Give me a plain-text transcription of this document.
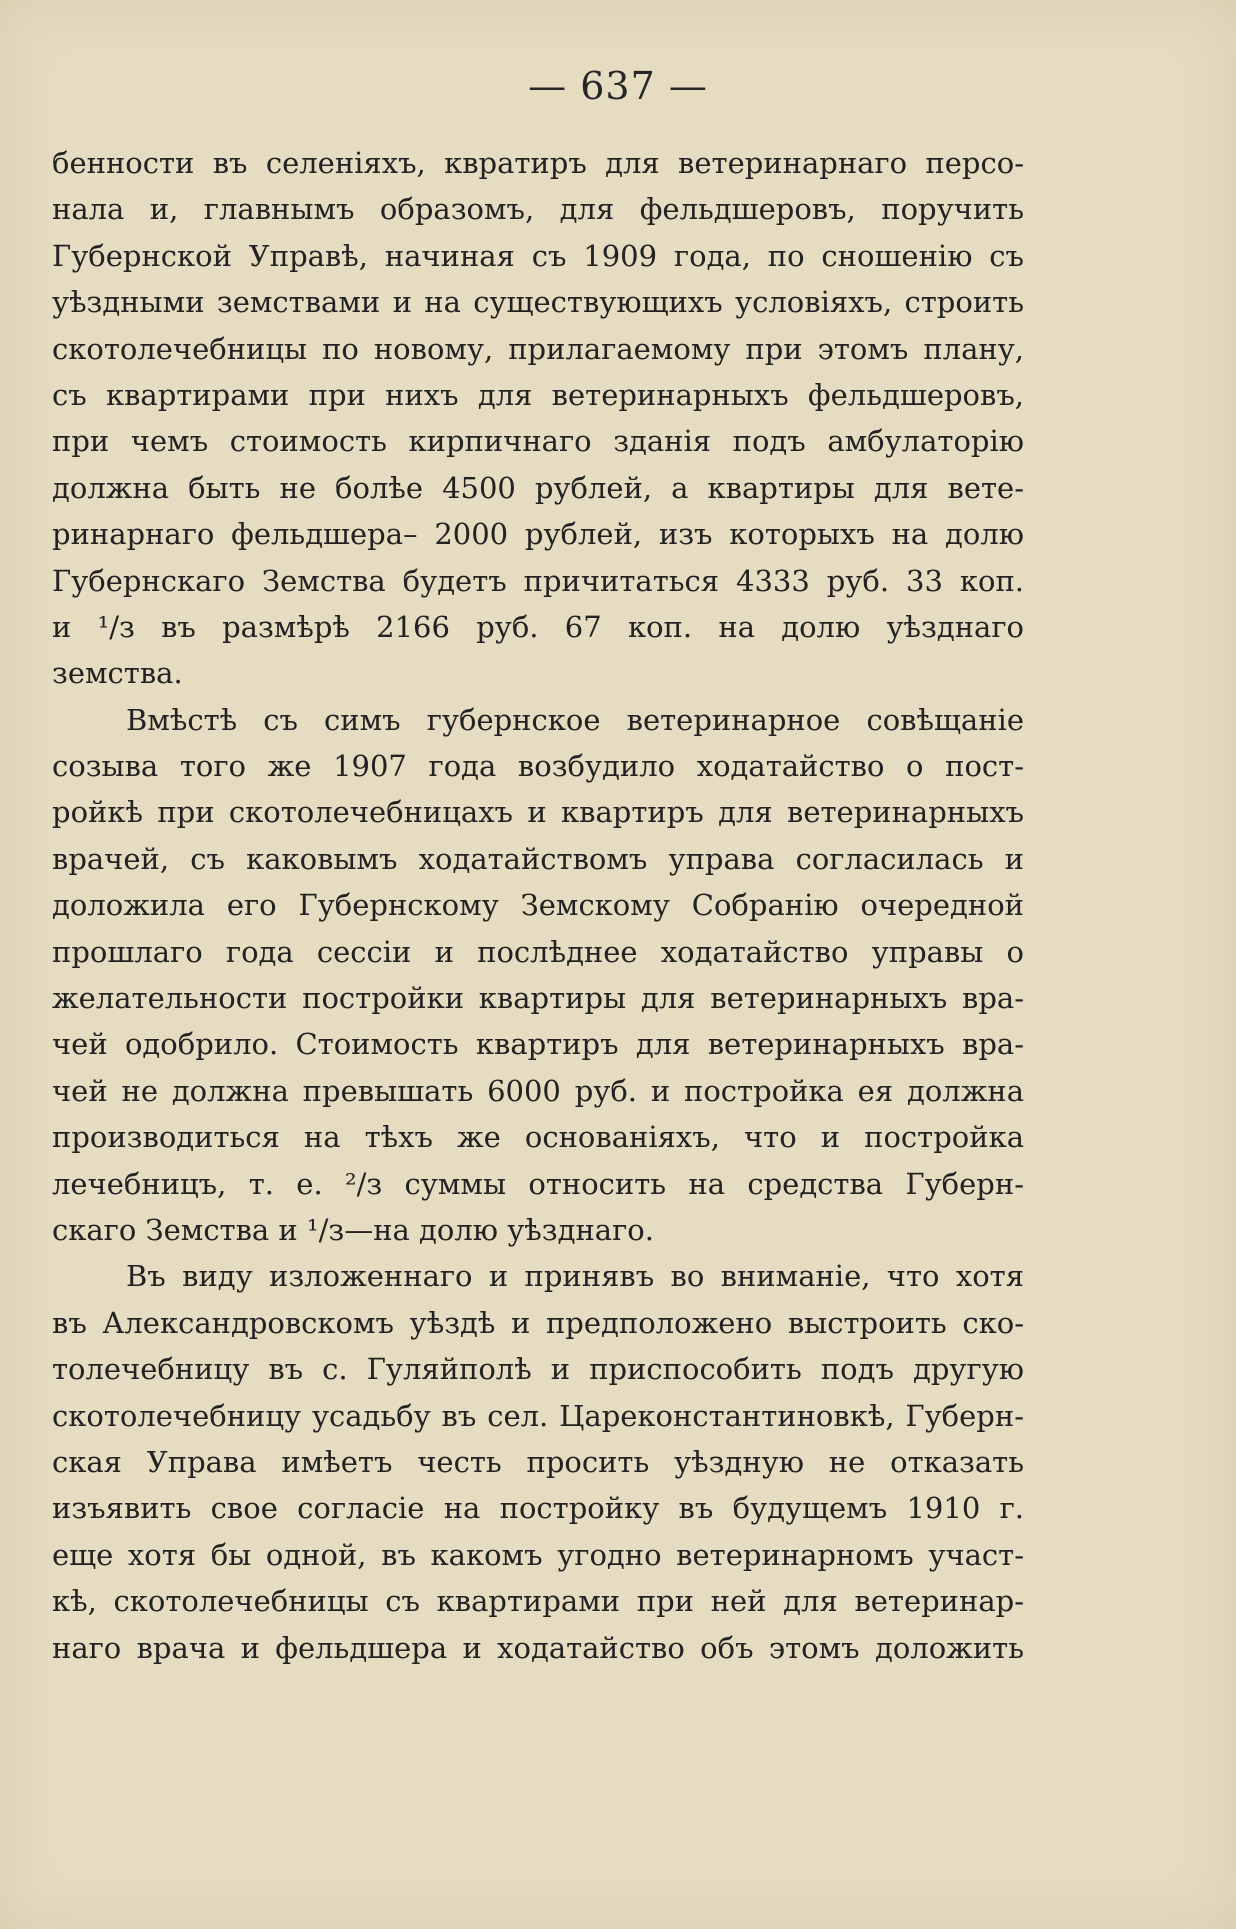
— 637 —
бенности въ селеніяхъ, квратиръ для ветеринарнаго персо-
нала и, главнымъ образомъ, для фельдшеровъ, поручить
Губернской Управѣ, начиная съ 1909 года, по сношенію съ
уѣздными земствами и на существующихъ условіяхъ, строить
скотолечебницы по новому, прилагаемому при этомъ плану,
съ квартирами при нихъ для ветеринарныхъ фельдшеровъ,
при чемъ стоимость кирпичнаго зданія подъ амбулаторію
должна быть не болѣе 4500 рублей, а квартиры для вете-
ринарнаго фельдшера– 2000 рублей, изъ которыхъ на долю
Губернскаго Земства будетъ причитаться 4333 руб. 33 коп.
и ¹/з въ размѣрѣ 2166 руб. 67 коп. на долю уѣзднаго
земства.
Вмѣстѣ съ симъ губернское ветеринарное совѣщаніе
созыва того же 1907 года возбудило ходатайство о пост-
ройкѣ при скотолечебницахъ и квартиръ для ветеринарныхъ
врачей, съ каковымъ ходатайствомъ управа согласилась и
доложила его Губернскому Земскому Собранію очередной
прошлаго года сессіи и послѣднее ходатайство управы о
желательности постройки квартиры для ветеринарныхъ вра-
чей одобрило. Стоимость квартиръ для ветеринарныхъ вра-
чей не должна превышать 6000 руб. и постройка ея должна
производиться на тѣхъ же основаніяхъ, что и постройка
лечебницъ, т. е. ²/з суммы относить на средства Губерн-
скаго Земства и ¹/з—на долю уѣзднаго.
Въ виду изложеннаго и принявъ во вниманіе, что хотя
въ Александровскомъ уѣздѣ и предположено выстроить ско-
толечебницу въ с. Гуляйполѣ и приспособить подъ другую
скотолечебницу усадьбу въ сел. Цареконстантиновкѣ, Губерн-
ская Управа имѣетъ честь просить уѣздную не отказать
изъявить свое согласіе на постройку въ будущемъ 1910 г.
еще хотя бы одной, въ какомъ угодно ветеринарномъ участ-
кѣ, скотолечебницы съ квартирами при ней для ветеринар-
наго врача и фельдшера и ходатайство объ этомъ доложить
